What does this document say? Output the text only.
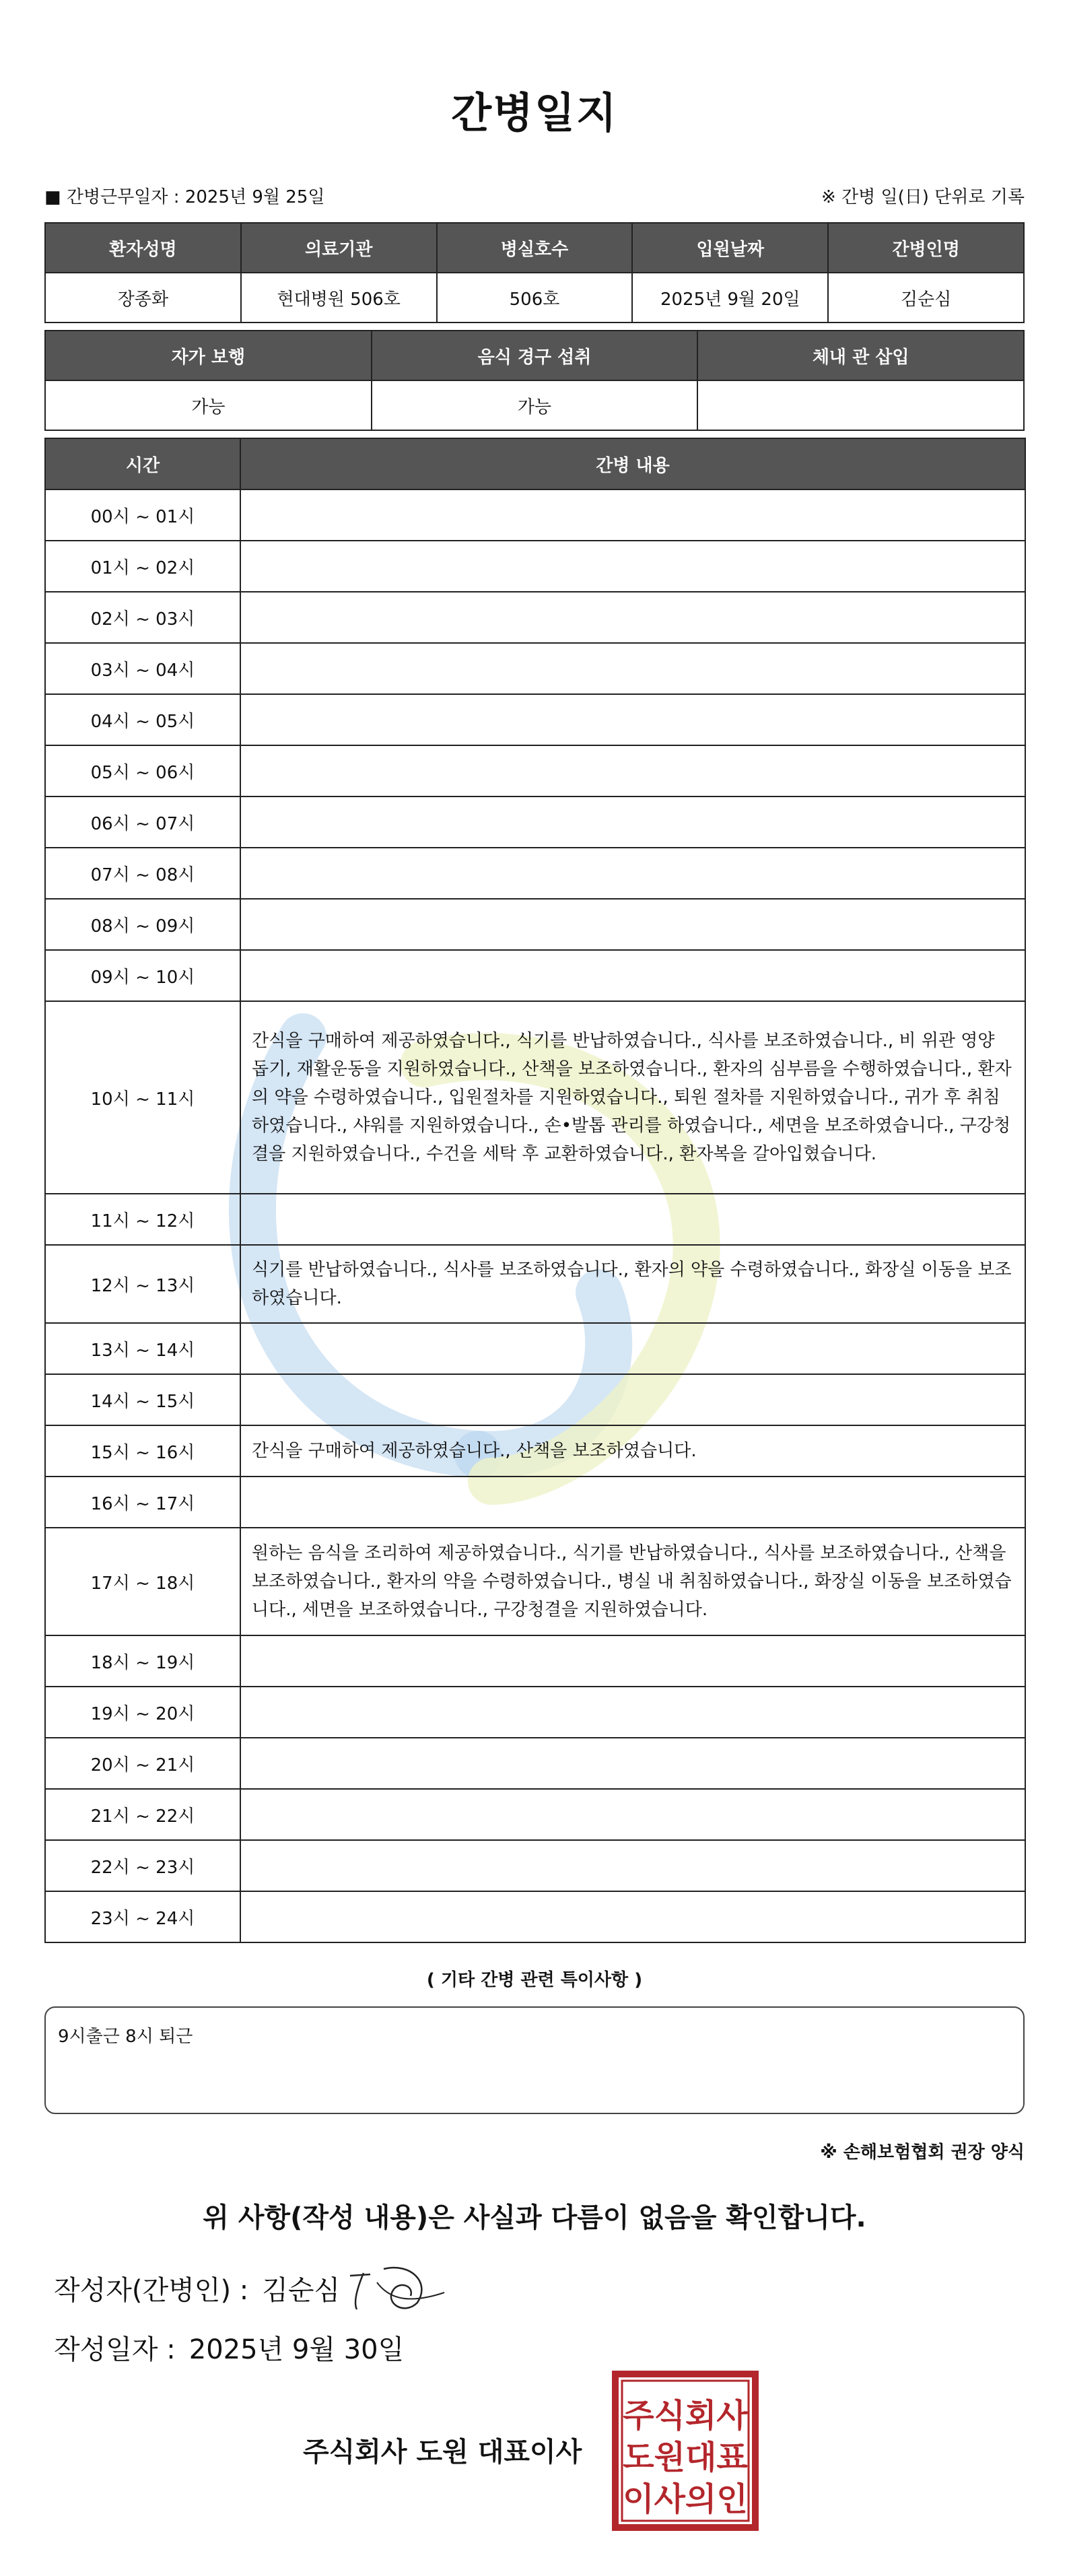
간병일지
■ 간병근무일자 : 2025년 9월 25일	※ 간병 일(日) 단위로 기록
환자성명	의료기관	병실호수	입원날짜	간병인명
장종화	현대병원 506호	506호	2025년 9월 20일	김순심
자가 보행	음식 경구 섭취	체내 관 삽입
가능	가능	
시간	간병 내용
00시 ~ 01시	
01시 ~ 02시	
02시 ~ 03시	
03시 ~ 04시	
04시 ~ 05시	
05시 ~ 06시	
06시 ~ 07시	
07시 ~ 08시	
08시 ~ 09시	
09시 ~ 10시	
10시 ~ 11시	간식을 구매하여 제공하였습니다., 식기를 반납하였습니다., 식사를 보조하였습니다., 비 위관 영양 돕기, 재활운동을 지원하였습니다., 산책을 보조하였습니다., 환자의 심부름을 수행하였습니다., 환자의 약을 수령하였습니다., 입원절차를 지원하였습니다., 퇴원 절차를 지원하였습니다., 귀가 후 취침하였습니다., 샤워를 지원하였습니다., 손•발톱 관리를 하였습니다., 세면을 보조하였습니다., 구강청결을 지원하였습니다., 수건을 세탁 후 교환하였습니다., 환자복을 갈아입혔습니다.
11시 ~ 12시	
12시 ~ 13시	식기를 반납하였습니다., 식사를 보조하였습니다., 환자의 약을 수령하였습니다., 화장실 이동을 보조하였습니다.
13시 ~ 14시	
14시 ~ 15시	
15시 ~ 16시	간식을 구매하여 제공하였습니다., 산책을 보조하였습니다.
16시 ~ 17시	
17시 ~ 18시	원하는 음식을 조리하여 제공하였습니다., 식기를 반납하였습니다., 식사를 보조하였습니다., 산책을 보조하였습니다., 환자의 약을 수령하였습니다., 병실 내 취침하였습니다., 화장실 이동을 보조하였습니다., 세면을 보조하였습니다., 구강청결을 지원하였습니다.
18시 ~ 19시	
19시 ~ 20시	
20시 ~ 21시	
21시 ~ 22시	
22시 ~ 23시	
23시 ~ 24시	
( 기타 간병 관련 특이사항 )
9시출근 8시 퇴근
※ 손해보험협회 권장 양식
위 사항(작성 내용)은 사실과 다름이 없음을 확인합니다.
작성자(간병인) : 김순심
작성일자 : 2025년 9월 30일
주식회사 도원 대표이사
주식회사
도원대표
이사의인
